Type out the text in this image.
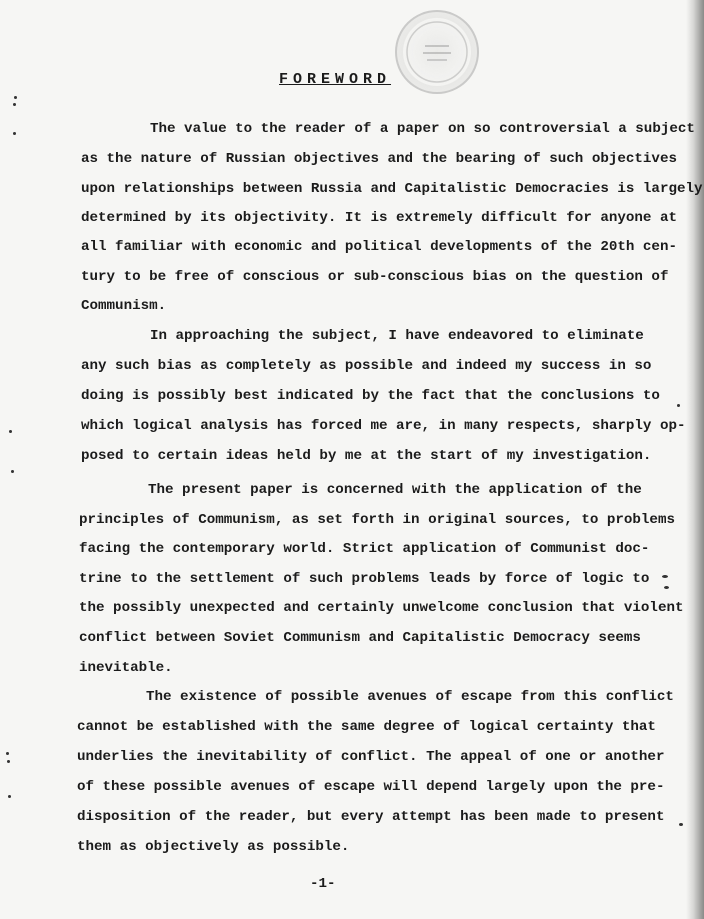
FOREWORD

The value to the reader of a paper on so controversial a subject

as the nature of Russian objectives and the bearing of such objectives

upon relationships between Russia and Capitalistic Democracies is largely

determined by its objectivity. It is extremely difficult for anyone at

all familiar with economic and political developments of the 20th cen-

tury to be free of conscious or sub-conscious bias on the question of

Communism.

In approaching the subject, I have endeavored to eliminate

any such bias as completely as possible and indeed my success in so

doing is possibly best indicated by the fact that the conclusions to

which logical analysis has forced me are, in many respects, sharply op-

posed to certain ideas held by me at the start of my investigation.

The present paper is concerned with the application of the

principles of Communism, as set forth in original sources, to problems

facing the contemporary world. Strict application of Communist doc-

trine to the settlement of such problems leads by force of logic to

the possibly unexpected and certainly unwelcome conclusion that violent

conflict between Soviet Communism and Capitalistic Democracy seems

inevitable.

The existence of possible avenues of escape from this conflict

cannot be established with the same degree of logical certainty that

underlies the inevitability of conflict. The appeal of one or another

of these possible avenues of escape will depend largely upon the pre-

disposition of the reader, but every attempt has been made to present

them as objectively as possible.

-1-
